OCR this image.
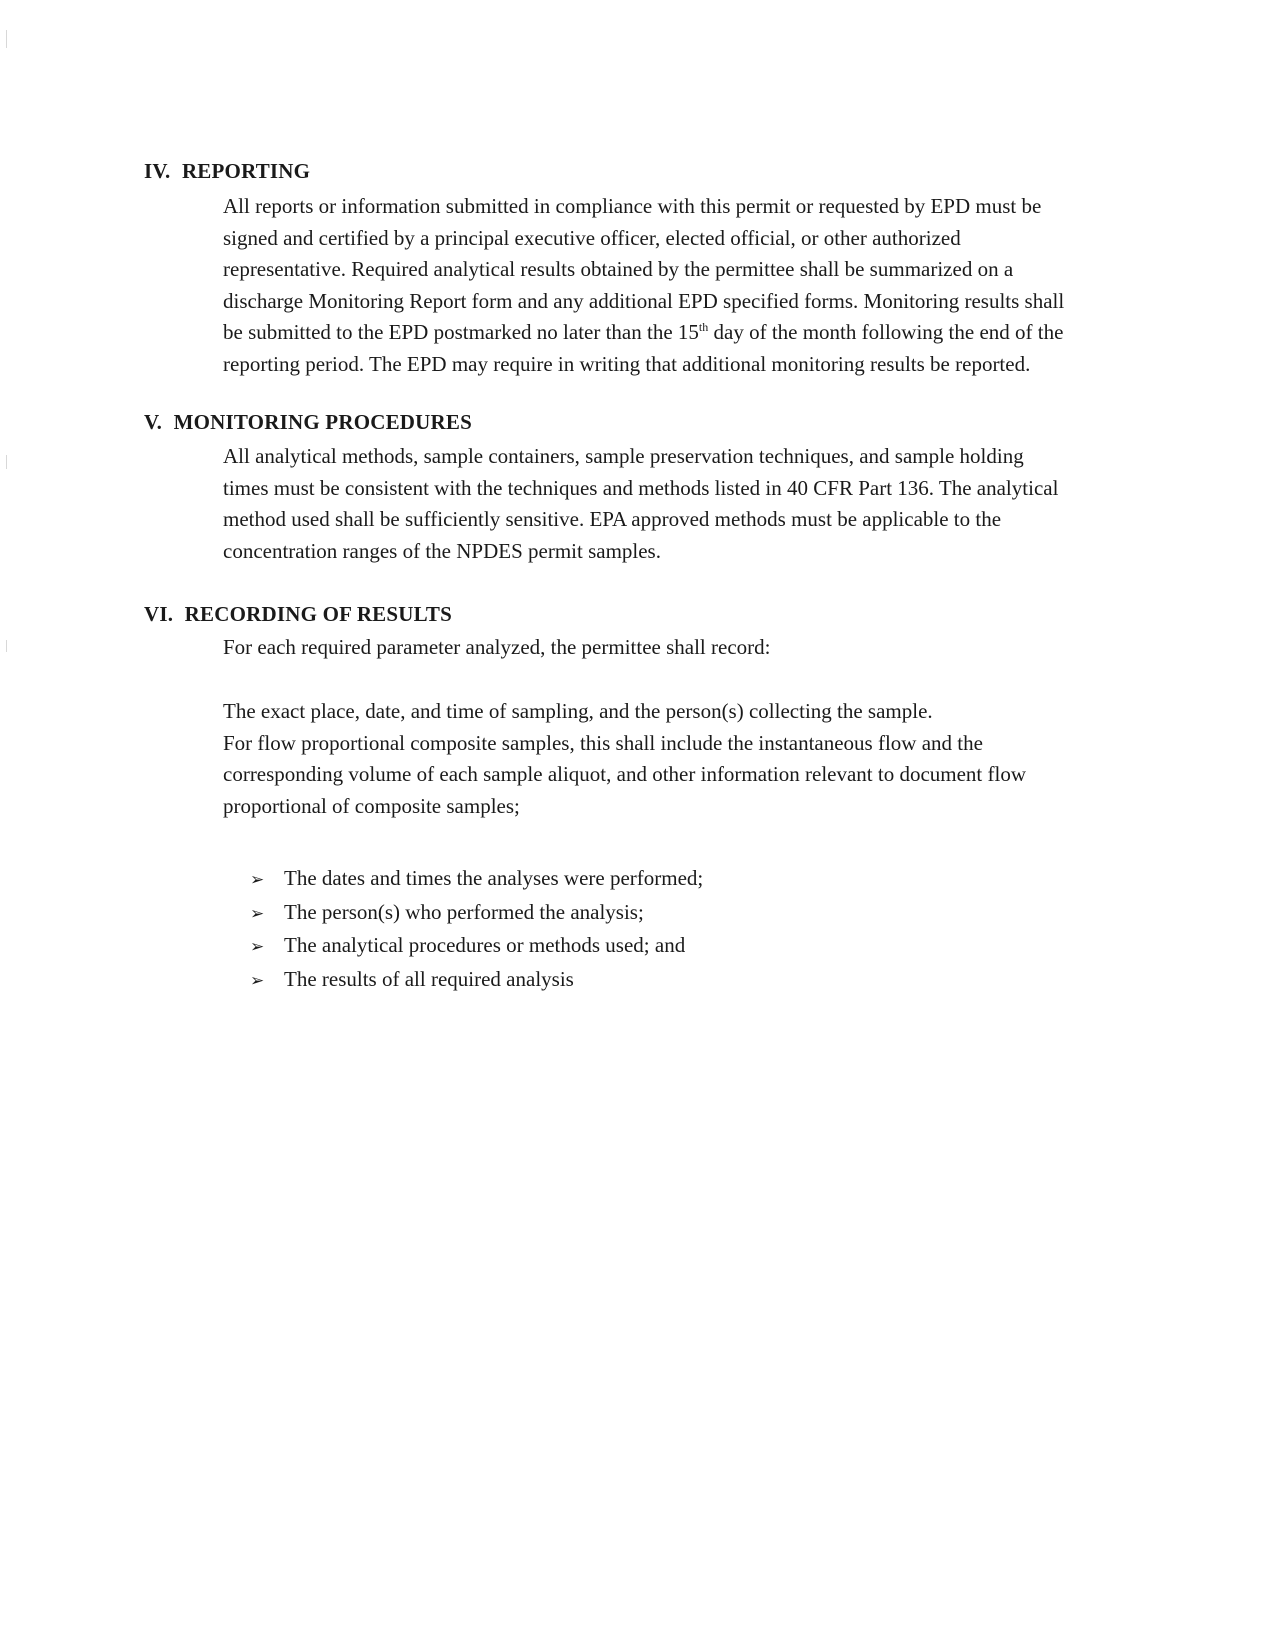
IV. REPORTING
All reports or information submitted in compliance with this permit or requested by EPD must be
signed and certified by a principal executive officer, elected official, or other authorized
representative. Required analytical results obtained by the permittee shall be summarized on a
discharge Monitoring Report form and any additional EPD specified forms. Monitoring results shall
be submitted to the EPD postmarked no later than the 15th day of the month following the end of the
reporting period. The EPD may require in writing that additional monitoring results be reported.
V. MONITORING PROCEDURES
All analytical methods, sample containers, sample preservation techniques, and sample holding
times must be consistent with the techniques and methods listed in 40 CFR Part 136. The analytical
method used shall be sufficiently sensitive. EPA approved methods must be applicable to the
concentration ranges of the NPDES permit samples.
VI. RECORDING OF RESULTS
For each required parameter analyzed, the permittee shall record:
The exact place, date, and time of sampling, and the person(s) collecting the sample.
For flow proportional composite samples, this shall include the instantaneous flow and the
corresponding volume of each sample aliquot, and other information relevant to document flow
proportional of composite samples;
➢ The dates and times the analyses were performed;
➢ The person(s) who performed the analysis;
➢ The analytical procedures or methods used; and
➢ The results of all required analysis
